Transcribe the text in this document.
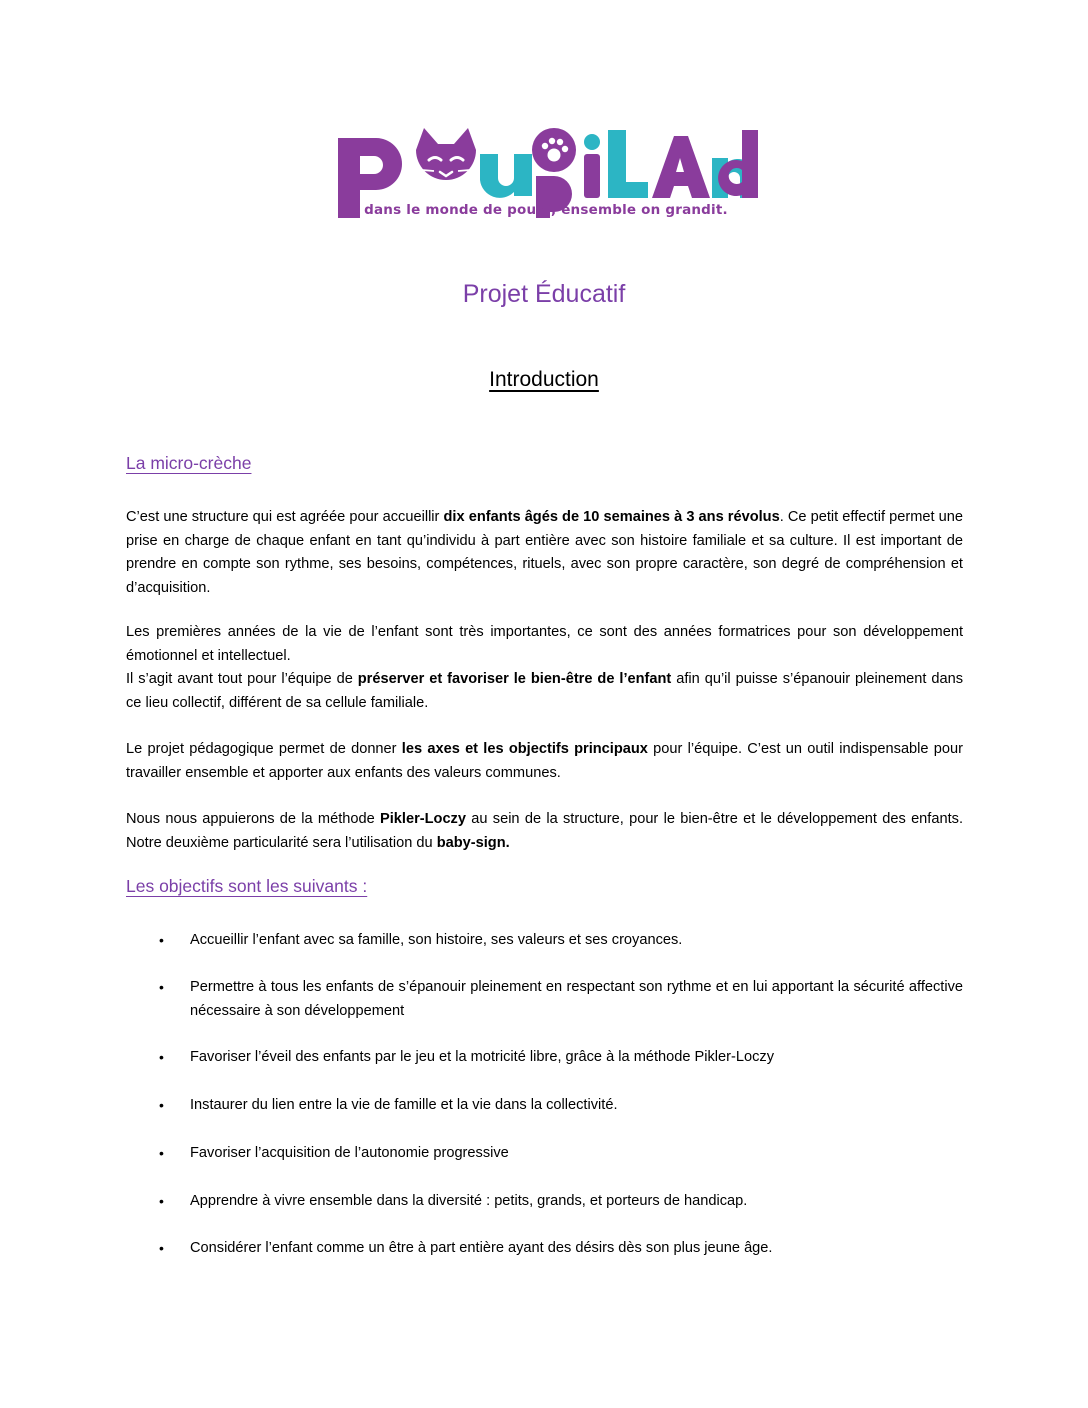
dans le monde de poupi, ensemble on grandit.
Projet Éducatif
Introduction
La micro-crèche
C’est une structure qui est agréée pour accueillir dix enfants âgés de 10 semaines à 3 ans révolus. Ce petit effectif permet une prise en charge de chaque enfant en tant qu’individu à part entière avec son histoire familiale et sa culture. Il est important de prendre en compte son rythme, ses besoins, compétences, rituels, avec son propre caractère, son degré de compréhension et d’acquisition.
Les premières années de la vie de l’enfant sont très importantes, ce sont des années formatrices pour son développement émotionnel et intellectuel.
Il s’agit avant tout pour l’équipe de préserver et favoriser le bien-être de l’enfant afin qu’il puisse s’épanouir pleinement dans ce lieu collectif, différent de sa cellule familiale.
Le projet pédagogique permet de donner les axes et les objectifs principaux pour l’équipe. C’est un outil indispensable pour travailler ensemble et apporter aux enfants des valeurs communes.
Nous nous appuierons de la méthode Pikler-Loczy au sein de la structure, pour le bien-être et le développement des enfants. Notre deuxième particularité sera l’utilisation du baby-sign.
Les objectifs sont les suivants :
• Accueillir l’enfant avec sa famille, son histoire, ses valeurs et ses croyances.
• Permettre à tous les enfants de s’épanouir pleinement en respectant son rythme et en lui apportant la sécurité affective nécessaire à son développement
• Favoriser l’éveil des enfants par le jeu et la motricité libre, grâce à la méthode Pikler-Loczy
• Instaurer du lien entre la vie de famille et la vie dans la collectivité.
• Favoriser l’acquisition de l’autonomie progressive
• Apprendre à vivre ensemble dans la diversité : petits, grands, et porteurs de handicap.
• Considérer l’enfant comme un être à part entière ayant des désirs dès son plus jeune âge.
